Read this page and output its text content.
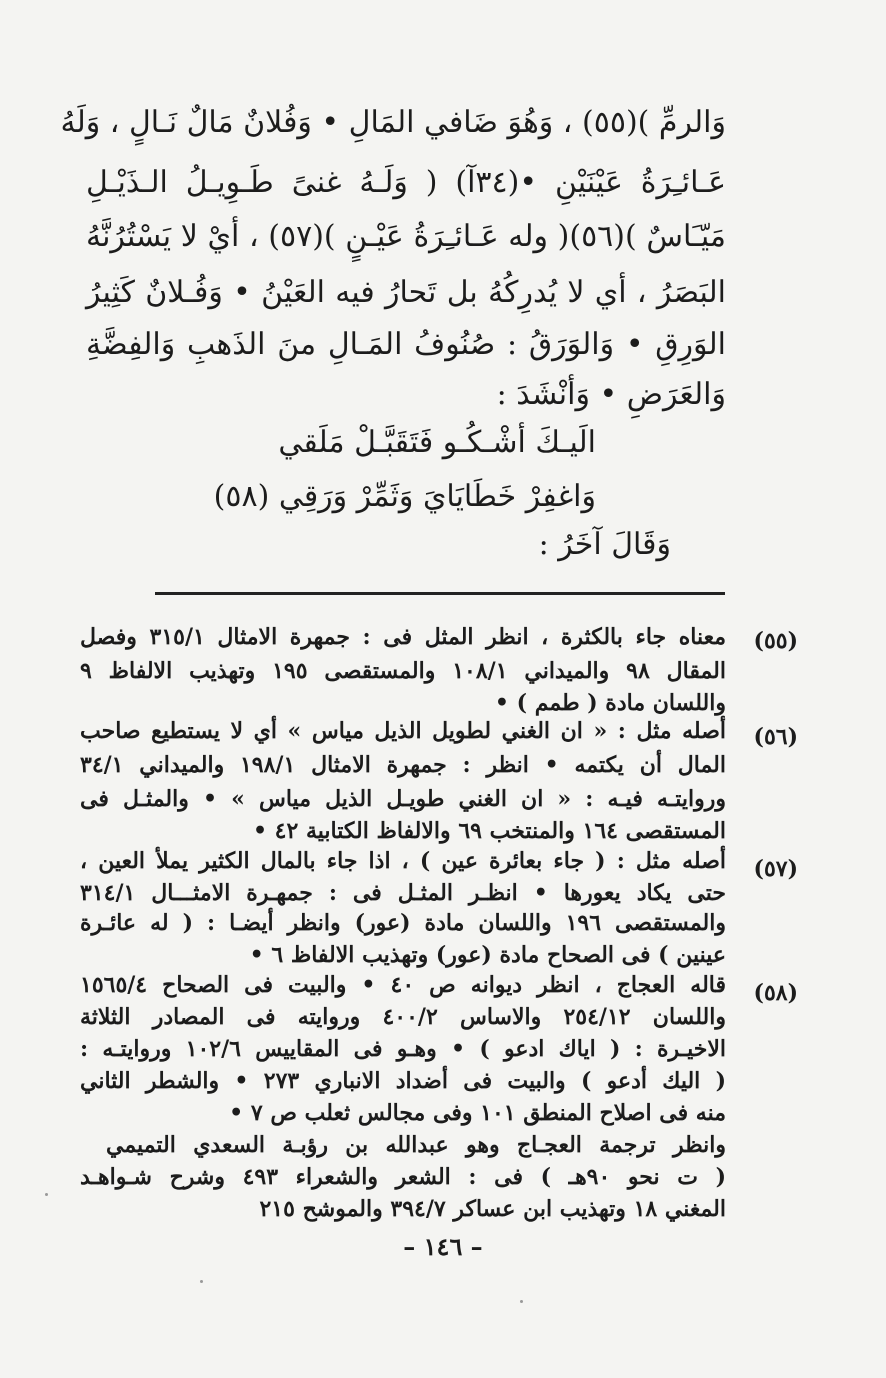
وَالرمِّ )(٥٥) ، وَهُوَ ضَافي المَالِ • وَفُلانٌ مَالٌ نَـالٍ ، وَلَهُ
عَـائـِرَةُ عَيْنَيْنِ •(٣٤آ) ( وَلَـهُ غنىً طَـوِيـلُ الـذَيْـلِ
مَيّـَاسٌ )(٥٦)( وله عَـائـِرَةُ عَيْـنٍ )(٥٧) ، أيْ لا يَسْتُرُنَّهُ
البَصَرُ ، أي لا يُدرِكُهُ بل تَحارُ فيه العَيْنُ • وَفُـلانٌ كَثِيرُ
الوَرِقِ • وَالوَرَقُ : صُنُوفُ المَـالِ منَ الذَهبِ وَالفِضَّةِ
وَالعَرَضِ • وَأنْشَدَ :
الَيـكَ أشْـكُـو فَتَقَبَّـلْ مَلَقي
وَاغفِرْ خَطَايَايَ وَثَمِّرْ وَرَقِي (٥٨)
وَقَالَ آخَرُ :
(٥٥)
معناه جاء بالكثرة ، انظر المثل فى : جمهرة الامثال ٣١٥/١ وفصل
المقال ٩٨ والميداني ١٠٨/١ والمستقصى ١٩٥ وتهذيب الالفاظ ٩
واللسان مادة ( طمم ) •
(٥٦)
أصله مثل : « ان الغني لطويل الذيل مياس » أي لا يستطيع صاحب
المال أن يكتمه • انظر : جمهرة الامثال ١٩٨/١ والميداني ٣٤/١
وروايتـه فيـه : « ان الغني طويـل الذيل مياس » • والمثـل فى
المستقصى ١٦٤ والمنتخب ٦٩ والالفاظ الكتابية ٤٢ •
(٥٧)
أصله مثل : ( جاء بعائرة عين ) ، اذا جاء بالمال الكثير يملأ العين ،
حتى يكاد يعورها • انظـر المثـل فى : جمهـرة الامثـــال ٣١٤/١
والمستقصى ١٩٦ واللسان مادة (عور) وانظر أيضـا : ( له عائـرة
عينين ) فى الصحاح مادة (عور) وتهذيب الالفاظ ٦ •
(٥٨)
قاله العجاج ، انظر ديوانه ص ٤٠ • والبيت فى الصحاح ١٥٦٥/٤
واللسان ٢٥٤/١٢ والاساس ٤٠٠/٢ وروايته فى المصادر الثلاثة
الاخيـرة : ( اياك ادعو ) • وهـو فى المقاييس ١٠٢/٦ وروايتـه :
( اليك أدعو ) والبيت فى أضداد الانباري ٢٧٣ • والشطر الثاني
منه فى اصلاح المنطق ١٠١ وفى مجالس ثعلب ص ٧ •
وانظر ترجمة العجـاج وهو عبدالله بن رؤبـة السعدي التميمي
( ت نحو ٩٠هـ ) فى : الشعر والشعراء ٤٩٣ وشرح شـواهـد
المغني ١٨ وتهذيب ابن عساكر ٣٩٤/٧ والموشح ٢١٥
– ١٤٦ –
